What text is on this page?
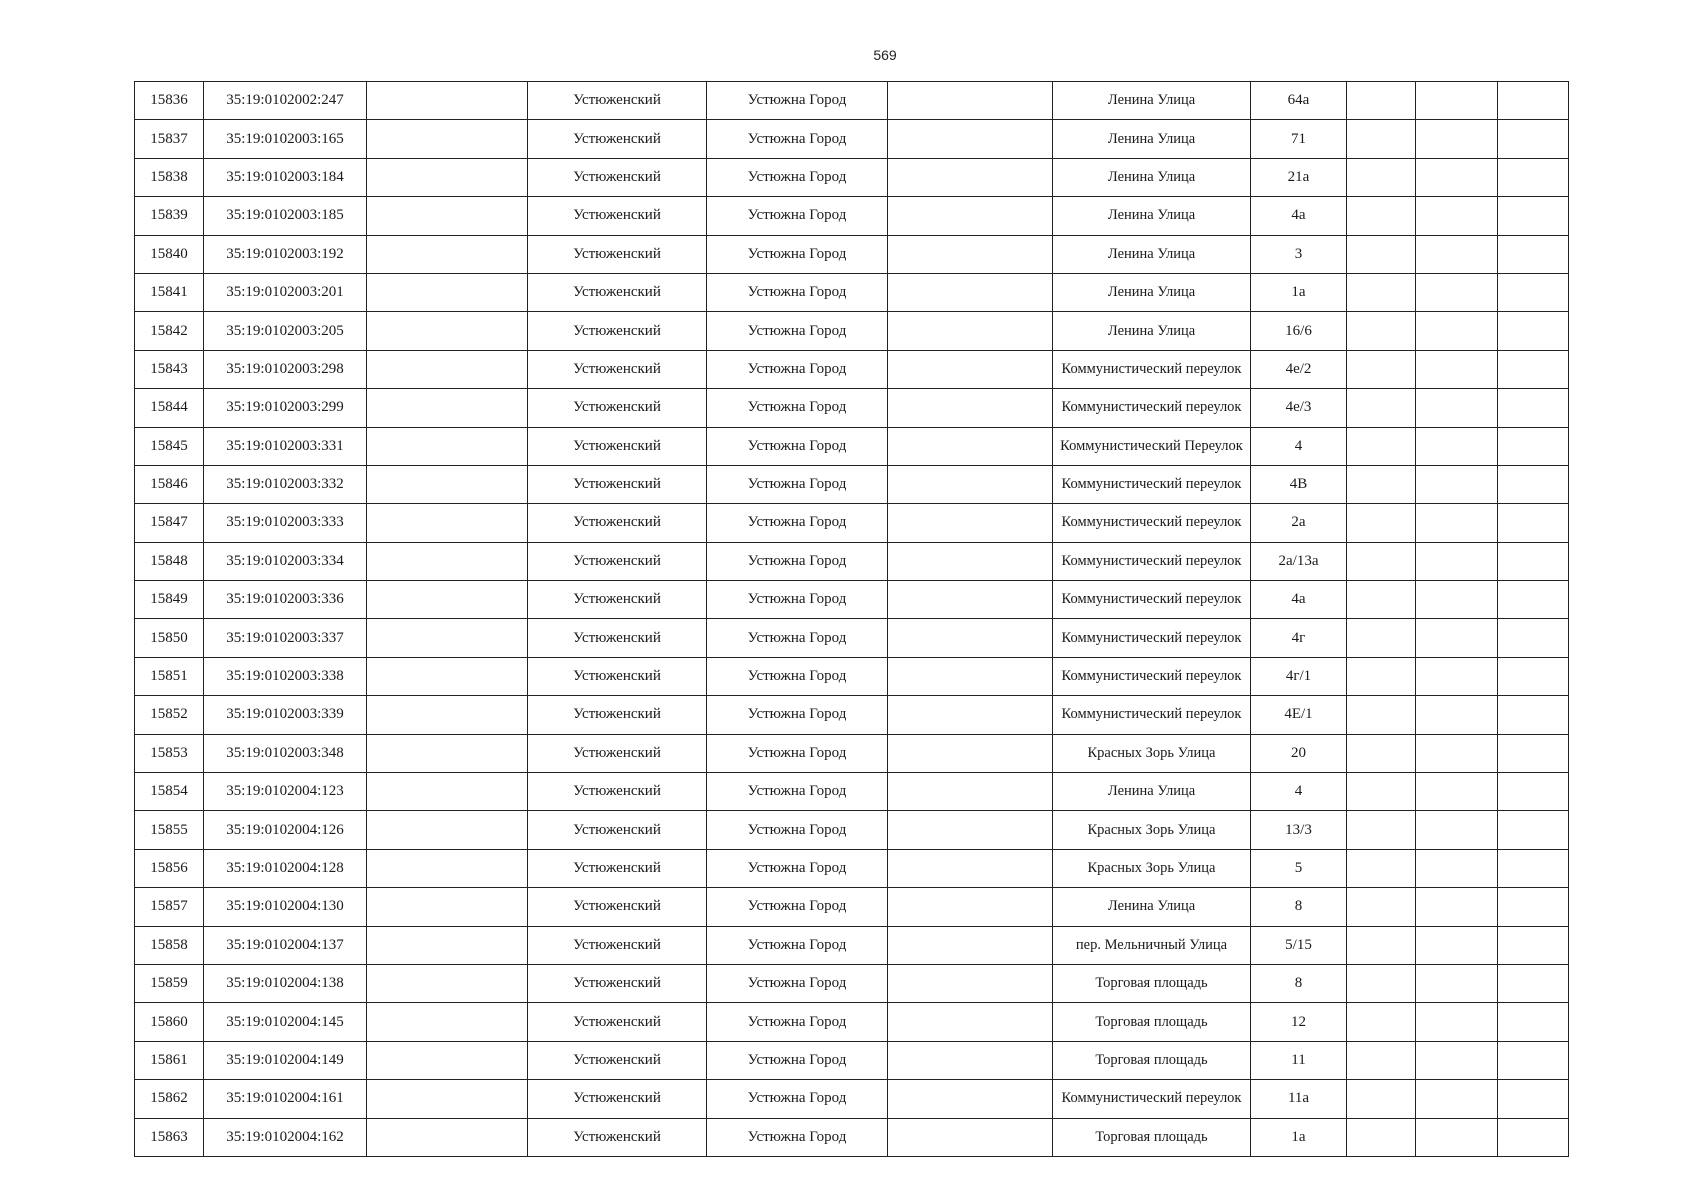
569
15836	35:19:0102002:247		Устюженский	Устюжна Город		Ленина Улица	64а			
15837	35:19:0102003:165		Устюженский	Устюжна Город		Ленина Улица	71			
15838	35:19:0102003:184		Устюженский	Устюжна Город		Ленина Улица	21а			
15839	35:19:0102003:185		Устюженский	Устюжна Город		Ленина Улица	4а			
15840	35:19:0102003:192		Устюженский	Устюжна Город		Ленина Улица	3			
15841	35:19:0102003:201		Устюженский	Устюжна Город		Ленина Улица	1а			
15842	35:19:0102003:205		Устюженский	Устюжна Город		Ленина Улица	16/6			
15843	35:19:0102003:298		Устюженский	Устюжна Город		Коммунистический переулок	4е/2			
15844	35:19:0102003:299		Устюженский	Устюжна Город		Коммунистический переулок	4е/3			
15845	35:19:0102003:331		Устюженский	Устюжна Город		Коммунистический Переулок	4			
15846	35:19:0102003:332		Устюженский	Устюжна Город		Коммунистический переулок	4В			
15847	35:19:0102003:333		Устюженский	Устюжна Город		Коммунистический переулок	2а			
15848	35:19:0102003:334		Устюженский	Устюжна Город		Коммунистический переулок	2а/13а			
15849	35:19:0102003:336		Устюженский	Устюжна Город		Коммунистический переулок	4а			
15850	35:19:0102003:337		Устюженский	Устюжна Город		Коммунистический переулок	4г			
15851	35:19:0102003:338		Устюженский	Устюжна Город		Коммунистический переулок	4г/1			
15852	35:19:0102003:339		Устюженский	Устюжна Город		Коммунистический переулок	4Е/1			
15853	35:19:0102003:348		Устюженский	Устюжна Город		Красных Зорь Улица	20			
15854	35:19:0102004:123		Устюженский	Устюжна Город		Ленина Улица	4			
15855	35:19:0102004:126		Устюженский	Устюжна Город		Красных Зорь Улица	13/3			
15856	35:19:0102004:128		Устюженский	Устюжна Город		Красных Зорь Улица	5			
15857	35:19:0102004:130		Устюженский	Устюжна Город		Ленина Улица	8			
15858	35:19:0102004:137		Устюженский	Устюжна Город		пер. Мельничный Улица	5/15			
15859	35:19:0102004:138		Устюженский	Устюжна Город		Торговая площадь	8			
15860	35:19:0102004:145		Устюженский	Устюжна Город		Торговая площадь	12			
15861	35:19:0102004:149		Устюженский	Устюжна Город		Торговая площадь	11			
15862	35:19:0102004:161		Устюженский	Устюжна Город		Коммунистический переулок	11а			
15863	35:19:0102004:162		Устюженский	Устюжна Город		Торговая площадь	1а			
